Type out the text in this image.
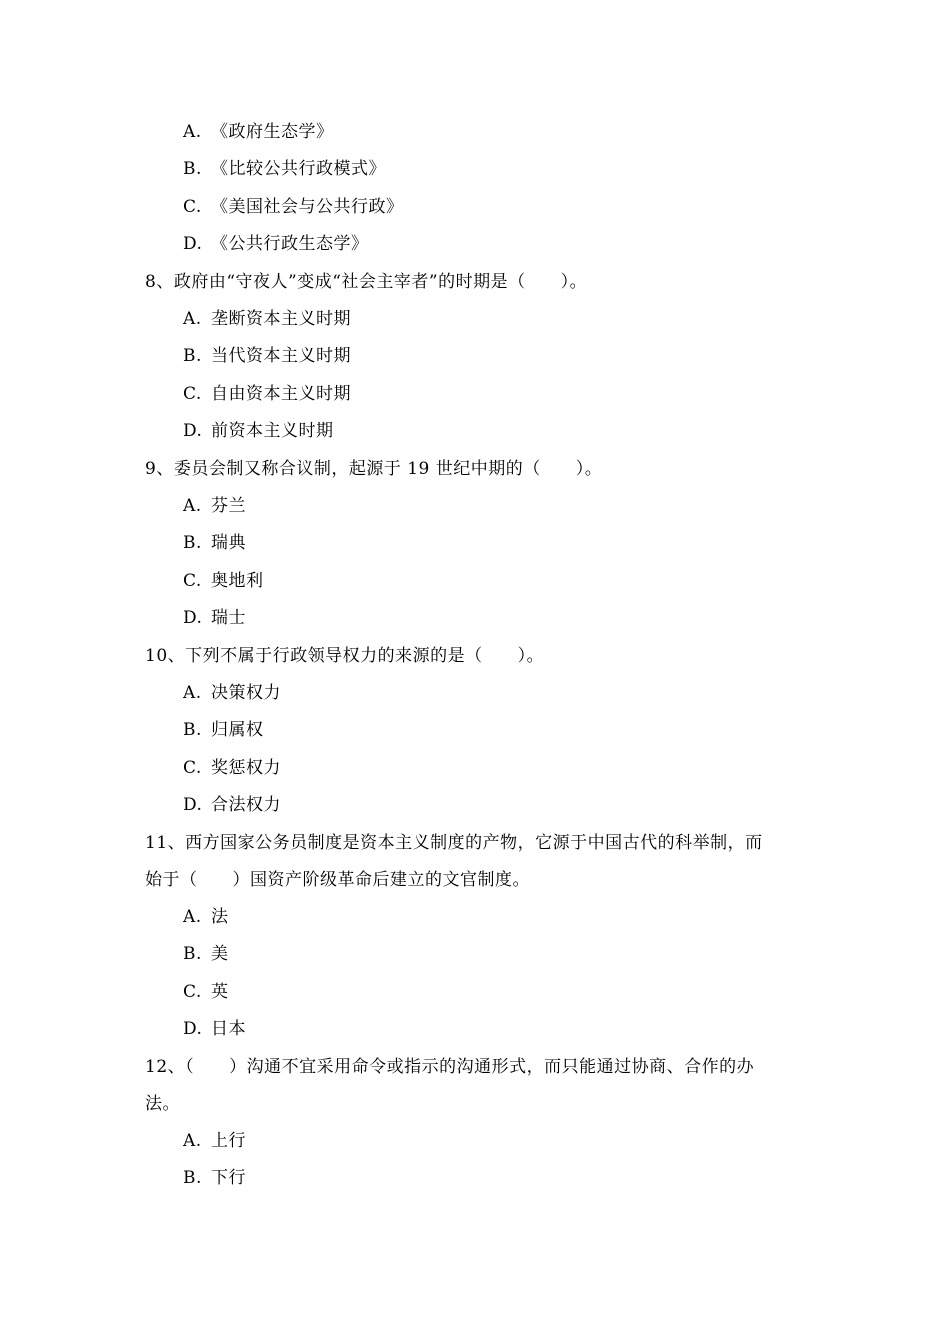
A. 《政府生态学》
B. 《比较公共行政模式》
C. 《美国社会与公共行政》
D. 《公共行政生态学》
8、政府由“守夜人”变成“社会主宰者”的时期是（　　）。
A. 垄断资本主义时期
B. 当代资本主义时期
C. 自由资本主义时期
D. 前资本主义时期
9、委员会制又称合议制，起源于 19 世纪中期的（　　）。
A. 芬兰
B. 瑞典
C. 奥地利
D. 瑞士
10、下列不属于行政领导权力的来源的是（　　）。
A. 决策权力
B. 归属权
C. 奖惩权力
D. 合法权力
11、西方国家公务员制度是资本主义制度的产物，它源于中国古代的科举制，而
始于（　　）国资产阶级革命后建立的文官制度。
A. 法
B. 美
C. 英
D. 日本
12、（　　）沟通不宜采用命令或指示的沟通形式，而只能通过协商、合作的办
法。
A. 上行
B. 下行
